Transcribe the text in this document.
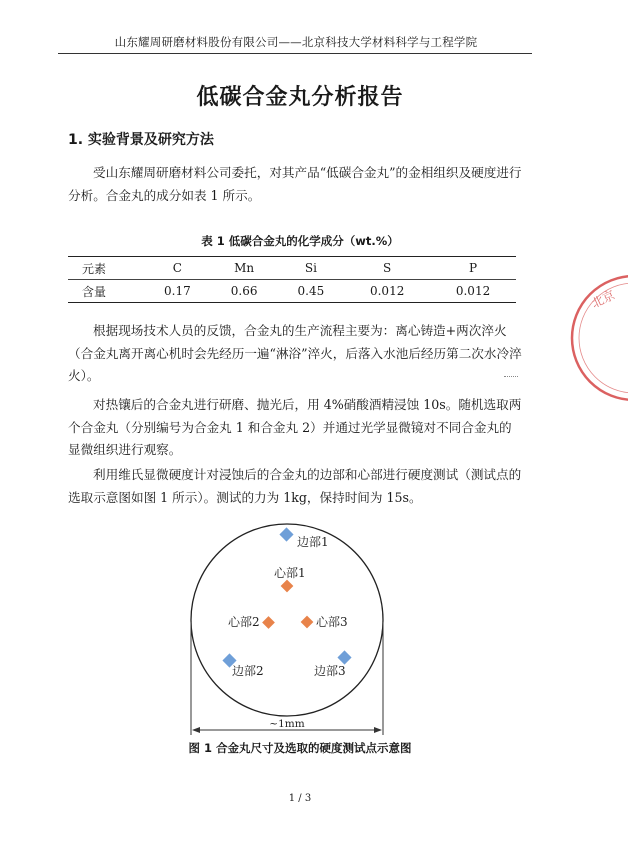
山东耀周研磨材料股份有限公司——北京科技大学材料科学与工程学院
低碳合金丸分析报告
1. 实验背景及研究方法

受山东耀周研磨材料公司委托，对其产品“低碳合金丸”的金相组织及硬度进行分析。合金丸的成分如表 1 所示。

表 1 低碳合金丸的化学成分（wt.%）
元素	C	Mn	Si	S	P
含量	0.17	0.66	0.45	0.012	0.012

根据现场技术人员的反馈，合金丸的生产流程主要为：离心铸造+两次淬火（合金丸离开离心机时会先经历一遍“淋浴”淬火，后落入水池后经历第二次水冷淬火）。

对热镶后的合金丸进行研磨、抛光后，用 4%硝酸酒精浸蚀 10s。随机选取两个合金丸（分别编号为合金丸 1 和合金丸 2）并通过光学显微镜对不同合金丸的显微组织进行观察。

利用维氏显微硬度计对浸蚀后的合金丸的边部和心部进行硬度测试（测试点的选取示意图如图 1 所示）。测试的力为 1kg，保持时间为 15s。

~1mm
边部1
边部2	边部3
心部1
心部2	心部3
图 1 合金丸尺寸及选取的硬度测试点示意图
北京
1 / 3
